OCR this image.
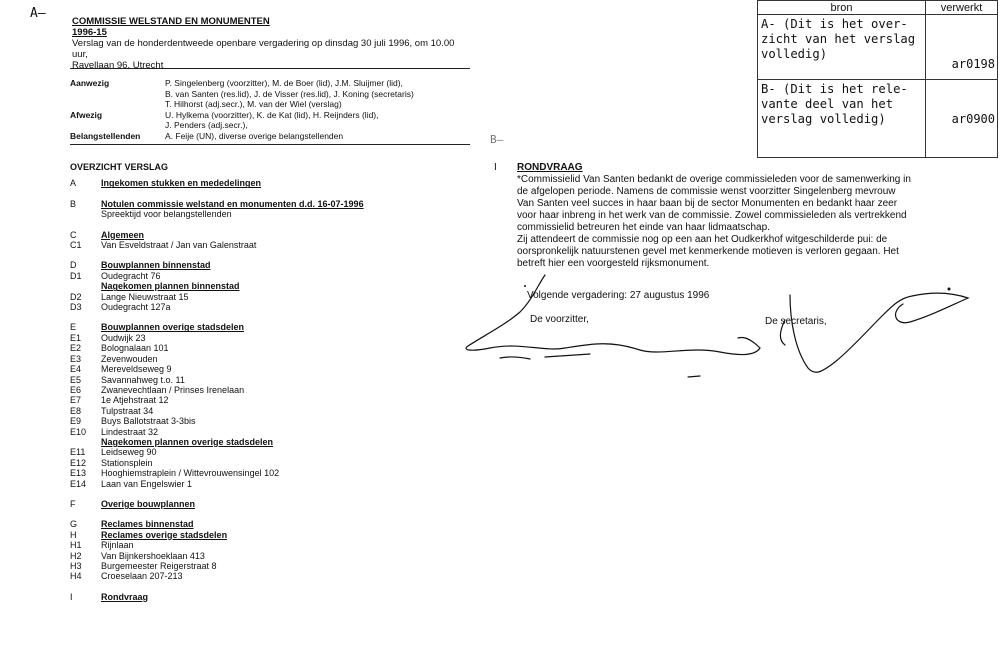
A—
B—
COMMISSIE WELSTAND EN MONUMENTEN
1996-15
Verslag van de honderdentweede openbare vergadering op dinsdag 30 juli 1996, om 10.00 uur,
Ravellaan 96, Utrecht
Aanwezig	P. Singelenberg (voorzitter), M. de Boer (lid), J.M. Sluijmer (lid),
B. van Santen (res.lid), J. de Visser (res.lid), J. Koning (secretaris)
T. Hilhorst (adj.secr.), M. van der Wiel (verslag)
Afwezig	U. Hylkema (voorzitter), K. de Kat (lid), H. Reijnders (lid),
J. Penders (adj.secr.),
Belangstellenden	A. Feije (UN), diverse overige belangstellenden
OVERZICHT VERSLAG
A	Ingekomen stukken en mededelingen
B	Notulen commissie welstand en monumenten d.d. 16-07-1996
Spreektijd voor belangstellenden
C	Algemeen
C1	Van Esveldstraat / Jan van Galenstraat
D	Bouwplannen binnenstad
D1	Oudegracht 76
Nagekomen plannen binnenstad
D2	Lange Nieuwstraat 15
D3	Oudegracht 127a
E	Bouwplannen overige stadsdelen
E1	Oudwijk 23
E2	Bolognalaan 101
E3	Zevenwouden
E4	Mereveldseweg 9
E5	Savannahweg t.o. 11
E6	Zwanevechtlaan / Prinses Irenelaan
E7	1e Atjehstraat 12
E8	Tulpstraat 34
E9	Buys Ballotstraat 3-3bis
E10	Lindestraat 32
Nagekomen plannen overige stadsdelen
E11	Leidseweg 90
E12	Stationsplein
E13	Hooghiemstraplein / Wittevrouwensingel 102
E14	Laan van Engelswier 1
F	Overige bouwplannen
G	Reclames binnenstad
H	Reclames overige stadsdelen
H1	Rijnlaan
H2	Van Bijnkershoeklaan 413
H3	Burgemeester Reigerstraat 8
H4	Croeselaan 207-213
I	Rondvraag
I RONDVRAAG
*Commissielid Van Santen bedankt de overige commissieleden voor de samenwerking in
de afgelopen periode. Namens de commissie wenst voorzitter Singelenberg mevrouw
Van Santen veel succes in haar baan bij de sector Monumenten en bedankt haar zeer
voor haar inbreng in het werk van de commissie. Zowel commissieleden als vertrekkend
commissielid betreuren het einde van haar lidmaatschap.
Zij attendeert de commissie nog op een aan het Oudkerkhof witgeschilderde pui: de
oorspronkelijk natuurstenen gevel met kenmerkende motieven is verloren gegaan. Het
betreft hier een voorgesteld rijksmonument.
Volgende vergadering: 27 augustus 1996
De voorzitter,	De secretaris,
bron	verwerkt

A- (Dit is het over-
zicht van het verslag
volledig)	ar0198

B- (Dit is het rele-
vante deel van het
verslag volledig)	ar0900
